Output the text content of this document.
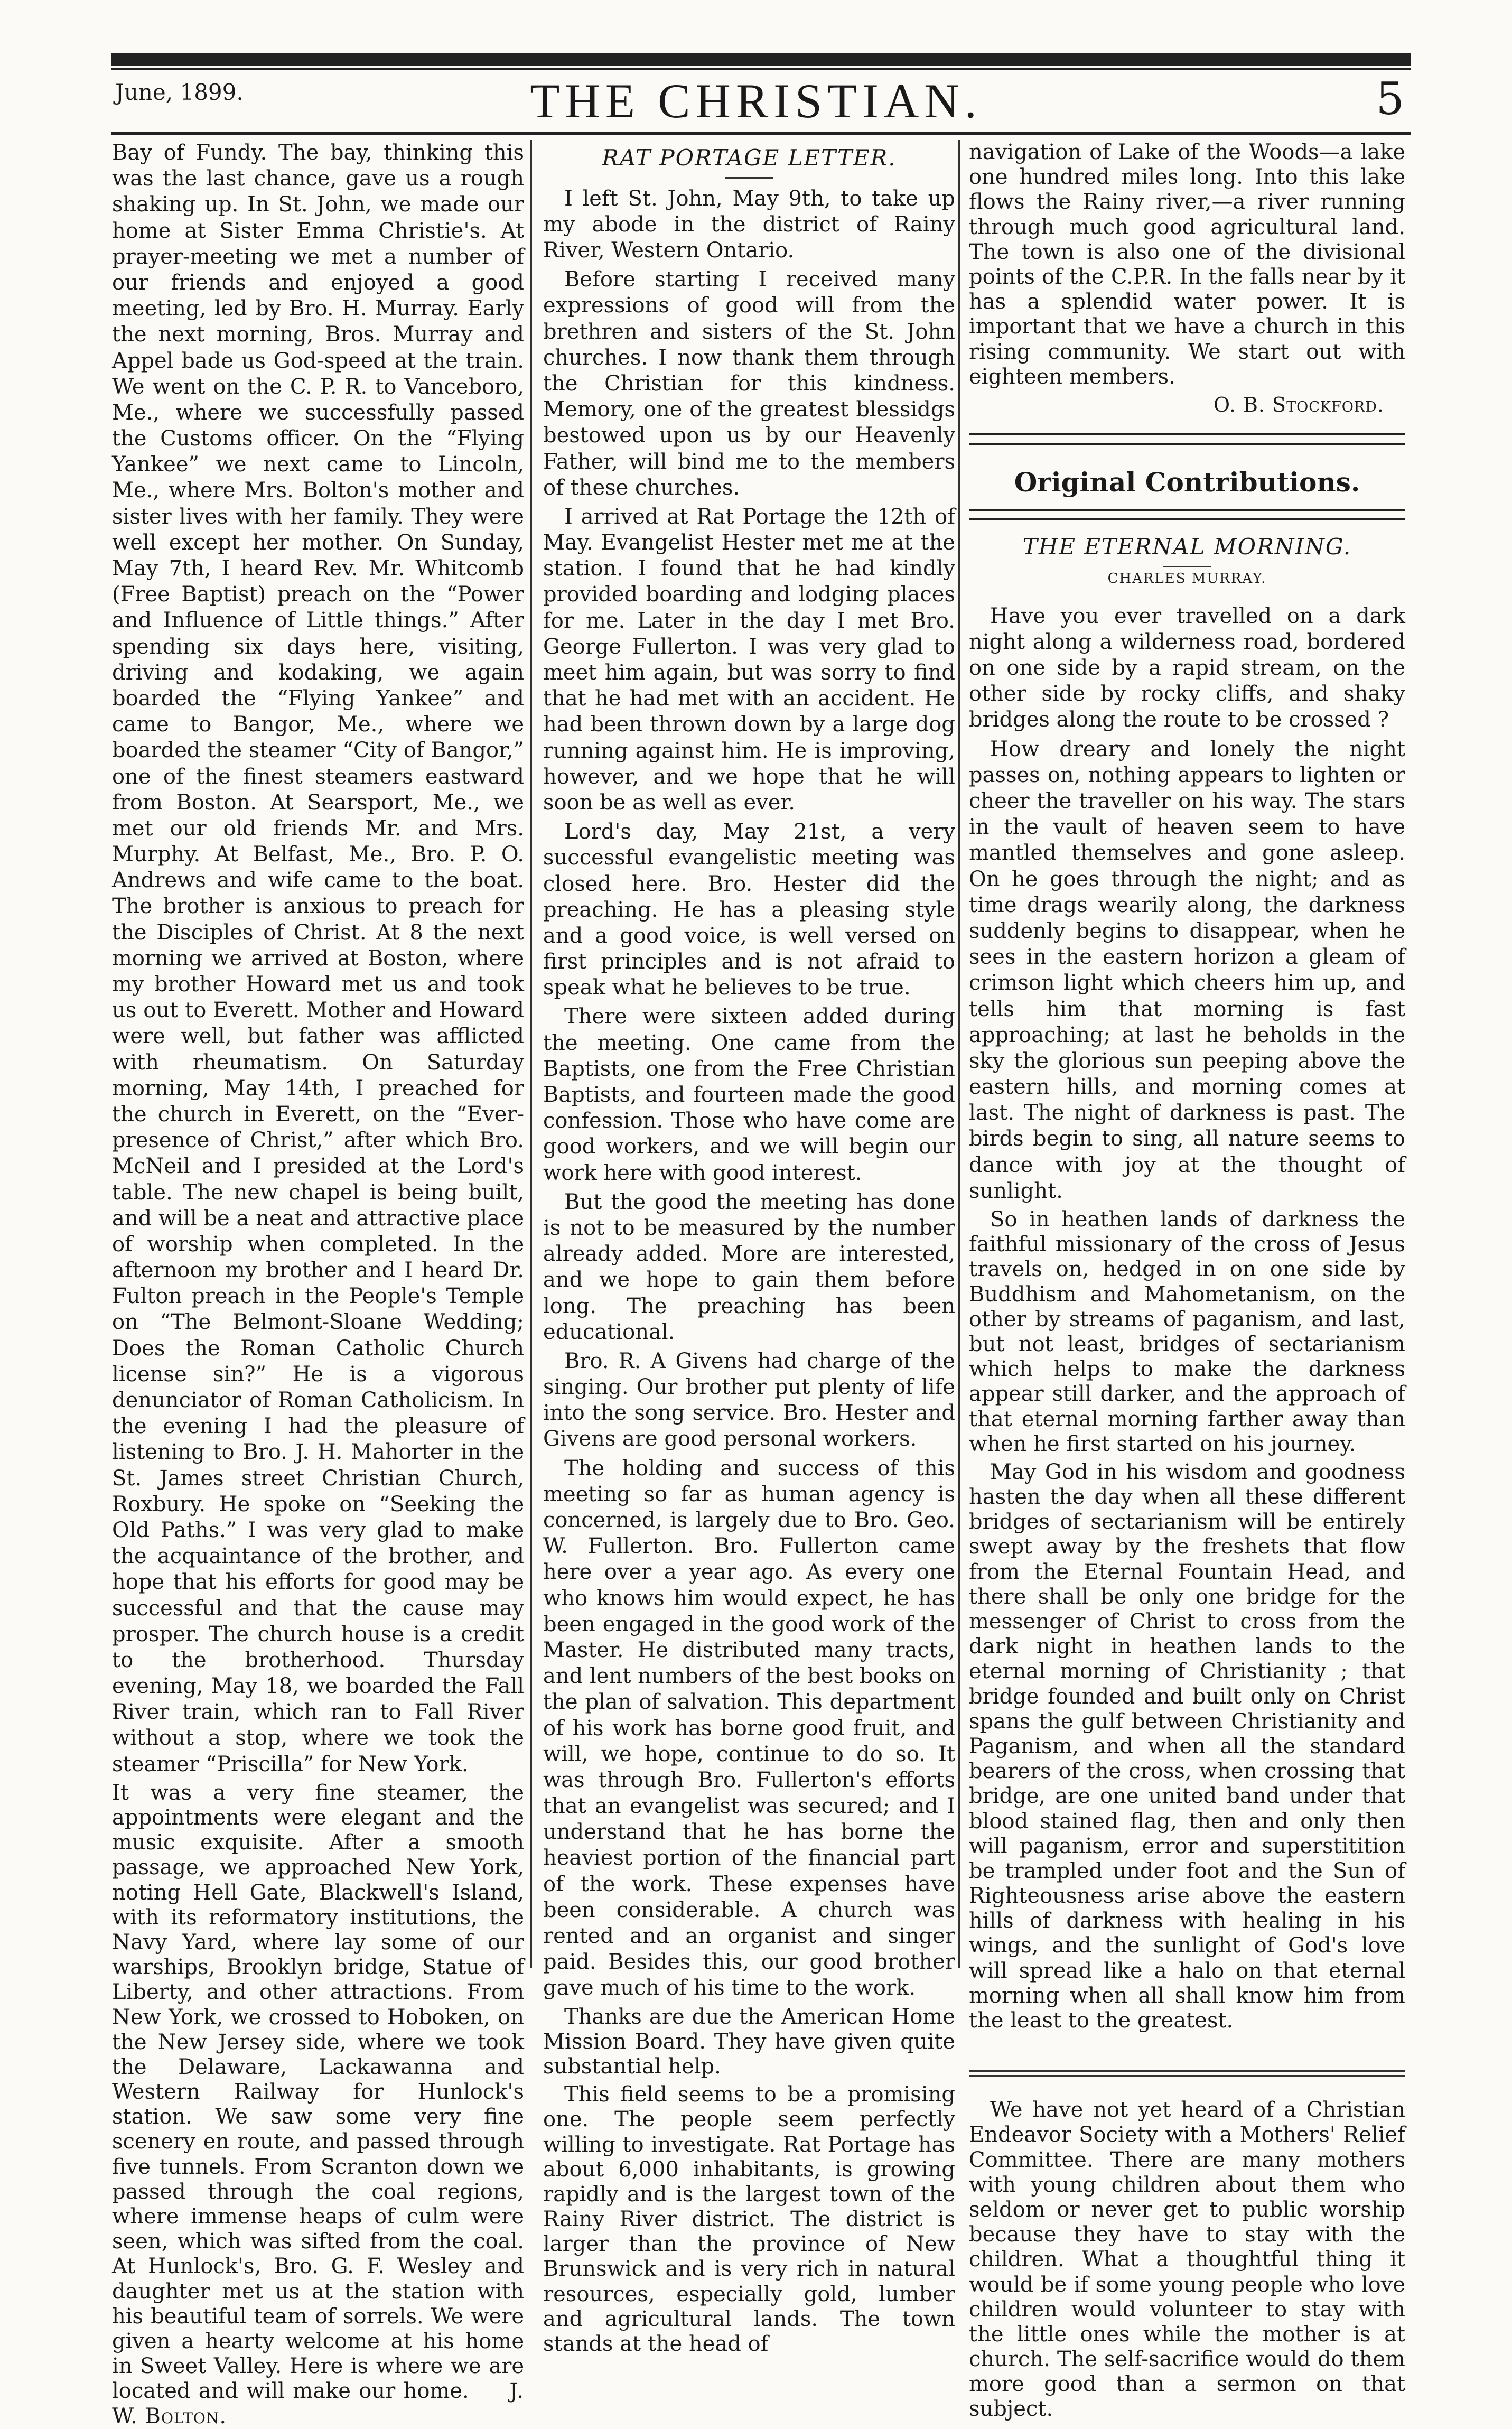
June, 1899.	THE CHRISTIAN.	5

Bay of Fundy. The bay, thinking this was the last chance, gave us a rough shaking up. In St. John, we made our home at Sister Emma Christie's. At prayer-meeting we met a number of our friends and enjoyed a good meeting, led by Bro. H. Murray. Early the next morning, Bros. Murray and Appel bade us God-speed at the train. We went on the C. P. R. to Vanceboro, Me., where we successfully passed the Customs officer. On the “Flying Yankee” we next came to Lincoln, Me., where Mrs. Bolton's mother and sister lives with her family. They were well except her mother. On Sunday, May 7th, I heard Rev. Mr. Whitcomb (Free Baptist) preach on the “Power and Influence of Little things.” After spending six days here, visiting, driving and kodaking, we again boarded the “Flying Yankee” and came to Bangor, Me., where we boarded the steamer “City of Bangor,” one of the finest steamers eastward from Boston. At Searsport, Me., we met our old friends Mr. and Mrs. Murphy. At Belfast, Me., Bro. P. O. Andrews and wife came to the boat. The brother is anxious to preach for the Disciples of Christ. At 8 the next morning we arrived at Boston, where my brother Howard met us and took us out to Everett. Mother and Howard were well, but father was afflicted with rheumatism. On Saturday morning, May 14th, I preached for the church in Everett, on the “Ever-presence of Christ,” after which Bro. McNeil and I presided at the Lord's table. The new chapel is being built, and will be a neat and attractive place of worship when completed. In the afternoon my brother and I heard Dr. Fulton preach in the People's Temple on “The Belmont-Sloane Wedding; Does the Roman Catholic Church license sin?” He is a vigorous denunciator of Roman Catholicism. In the evening I had the pleasure of listening to Bro. J. H. Mahorter in the St. James street Christian Church, Roxbury. He spoke on “Seeking the Old Paths.” I was very glad to make the acquaintance of the brother, and hope that his efforts for good may be successful and that the cause may prosper. The church house is a credit to the brotherhood. Thursday evening, May 18, we boarded the Fall River train, which ran to Fall River without a stop, where we took the steamer “Priscilla” for New York.

It was a very fine steamer, the appointments were elegant and the music exquisite. After a smooth passage, we approached New York, noting Hell Gate, Blackwell's Island, with its reformatory institutions, the Navy Yard, where lay some of our warships, Brooklyn bridge, Statue of Liberty, and other attractions. From New York, we crossed to Hoboken, on the New Jersey side, where we took the Delaware, Lackawanna and Western Railway for Hunlock's station. We saw some very fine scenery en route, and passed through five tunnels. From Scranton down we passed through the coal regions, where immense heaps of culm were seen, which was sifted from the coal. At Hunlock's, Bro. G. F. Wesley and daughter met us at the station with his beautiful team of sorrels. We were given a hearty welcome at his home in Sweet Valley. Here is where we are located and will make our home. J. W. Bolton.

RAT PORTAGE LETTER.

I left St. John, May 9th, to take up my abode in the district of Rainy River, Western Ontario.

Before starting I received many expressions of good will from the brethren and sisters of the St. John churches. I now thank them through the Christian for this kindness. Memory, one of the greatest blessidgs bestowed upon us by our Heavenly Father, will bind me to the members of these churches.

I arrived at Rat Portage the 12th of May. Evangelist Hester met me at the station. I found that he had kindly provided boarding and lodging places for me. Later in the day I met Bro. George Fullerton. I was very glad to meet him again, but was sorry to find that he had met with an accident. He had been thrown down by a large dog running against him. He is improving, however, and we hope that he will soon be as well as ever.

Lord's day, May 21st, a very successful evangelistic meeting was closed here. Bro. Hester did the preaching. He has a pleasing style and a good voice, is well versed on first principles and is not afraid to speak what he believes to be true.

There were sixteen added during the meeting. One came from the Baptists, one from the Free Christian Baptists, and fourteen made the good confession. Those who have come are good workers, and we will begin our work here with good interest.

But the good the meeting has done is not to be measured by the number already added. More are interested, and we hope to gain them before long. The preaching has been educational.

Bro. R. A Givens had charge of the singing. Our brother put plenty of life into the song service. Bro. Hester and Givens are good personal workers.

The holding and success of this meeting so far as human agency is concerned, is largely due to Bro. Geo. W. Fullerton. Bro. Fullerton came here over a year ago. As every one who knows him would expect, he has been engaged in the good work of the Master. He distributed many tracts, and lent numbers of the best books on the plan of salvation. This department of his work has borne good fruit, and will, we hope, continue to do so. It was through Bro. Fullerton's efforts that an evangelist was secured; and I understand that he has borne the heaviest portion of the financial part of the work. These expenses have been considerable. A church was rented and an organist and singer paid. Besides this, our good brother gave much of his time to the work.

Thanks are due the American Home Mission Board. They have given quite substantial help.

This field seems to be a promising one. The people seem perfectly willing to investigate. Rat Portage has about 6,000 inhabitants, is growing rapidly and is the largest town of the Rainy River district. The district is larger than the province of New Brunswick and is very rich in natural resources, especially gold, lumber and agricultural lands. The town stands at the head of

navigation of Lake of the Woods—a lake one hundred miles long. Into this lake flows the Rainy river,—a river running through much good agricultural land. The town is also one of the divisional points of the C.P.R. In the falls near by it has a splendid water power. It is important that we have a church in this rising community. We start out with eighteen members.

O. B. Stockford.
Original Contributions.
THE ETERNAL MORNING.
CHARLES MURRAY.

Have you ever travelled on a dark night along a wilderness road, bordered on one side by a rapid stream, on the other side by rocky cliffs, and shaky bridges along the route to be crossed ?

How dreary and lonely the night passes on, nothing appears to lighten or cheer the traveller on his way. The stars in the vault of heaven seem to have mantled themselves and gone asleep. On he goes through the night; and as time drags wearily along, the darkness suddenly begins to disappear, when he sees in the eastern horizon a gleam of crimson light which cheers him up, and tells him that morning is fast approaching; at last he beholds in the sky the glorious sun peeping above the eastern hills, and morning comes at last. The night of darkness is past. The birds begin to sing, all nature seems to dance with joy at the thought of sunlight.

So in heathen lands of darkness the faithful missionary of the cross of Jesus travels on, hedged in on one side by Buddhism and Mahometanism, on the other by streams of paganism, and last, but not least, bridges of sectarianism which helps to make the darkness appear still darker, and the approach of that eternal morning farther away than when he first started on his journey.

May God in his wisdom and goodness hasten the day when all these different bridges of sectarianism will be entirely swept away by the freshets that flow from the Eternal Fountain Head, and there shall be only one bridge for the messenger of Christ to cross from the dark night in heathen lands to the eternal morning of Christianity ; that bridge founded and built only on Christ spans the gulf between Christianity and Paganism, and when all the standard bearers of the cross, when crossing that bridge, are one united band under that blood stained flag, then and only then will paganism, error and superstitition be trampled under foot and the Sun of Righteousness arise above the eastern hills of darkness with healing in his wings, and the sunlight of God's love will spread like a halo on that eternal morning when all shall know him from the least to the greatest.

We have not yet heard of a Christian Endeavor Society with a Mothers' Relief Committee. There are many mothers with young children about them who seldom or never get to public worship because they have to stay with the children. What a thoughtful thing it would be if some young people who love children would volunteer to stay with the little ones while the mother is at church. The self-sacrifice would do them more good than a sermon on that subject.
